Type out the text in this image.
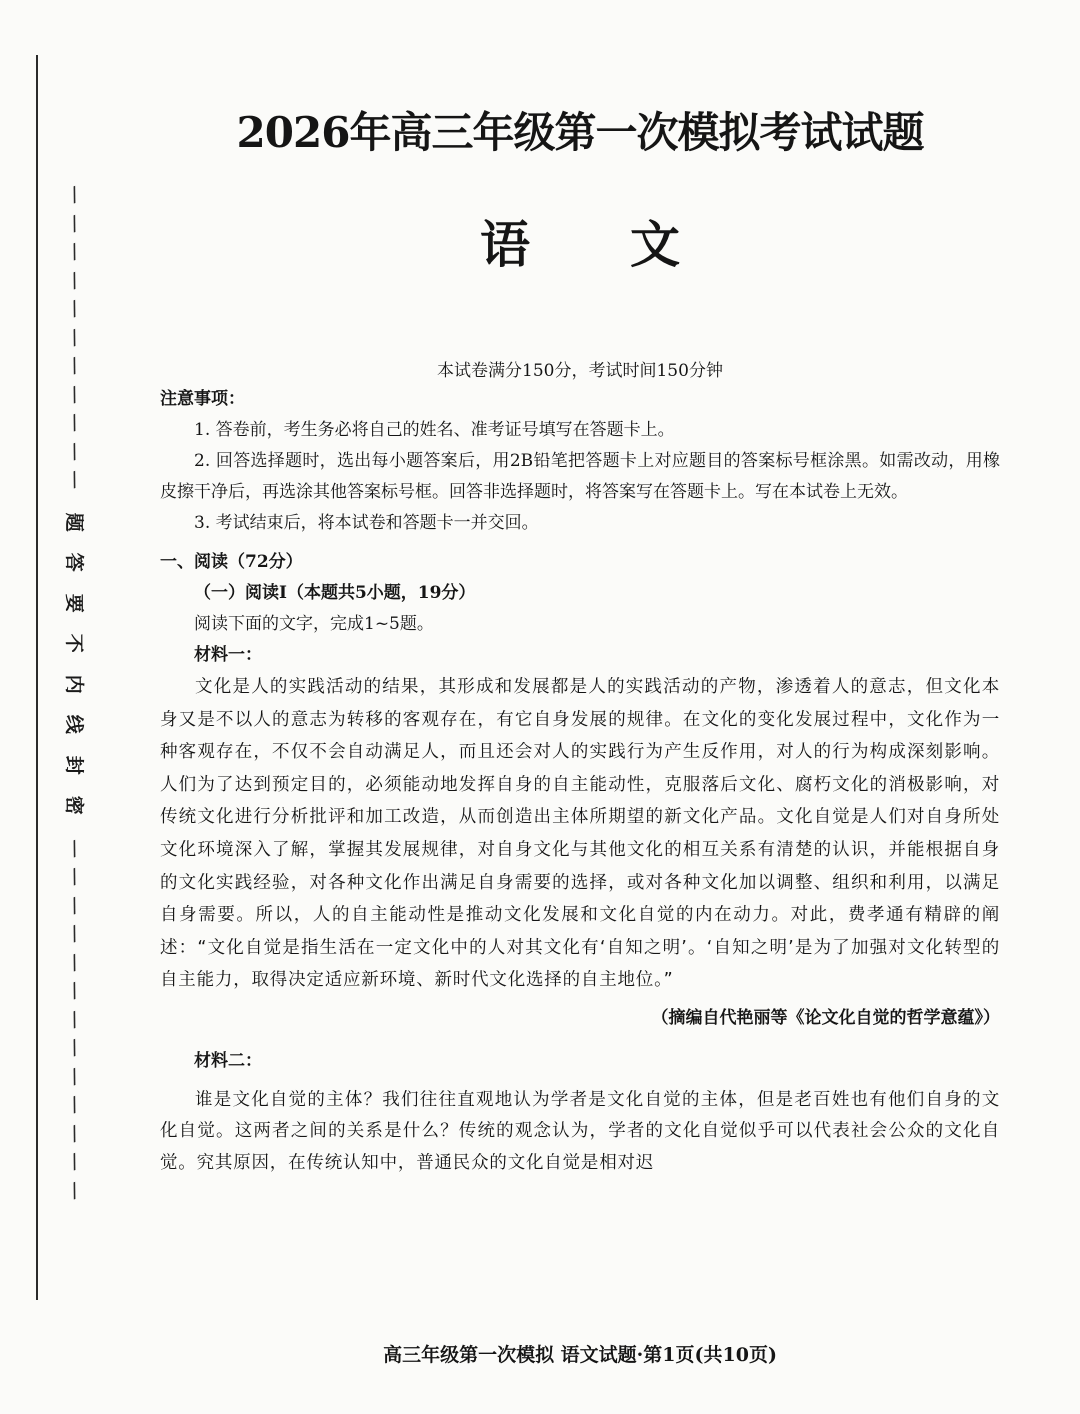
/
/
/
/
/
/
/
/
/
/
/
题
答
要
不
内
线
封
密
/
/
/
/
/
/
/
/
/
/
/
/
/
2026年高三年级第一次模拟考试试题
语 文
本试卷满分150分，考试时间150分钟
注意事项：
1. 答卷前，考生务必将自己的姓名、准考证号填写在答题卡上。
2. 回答选择题时，选出每小题答案后，用2B铅笔把答题卡上对应题目的答案标号框涂黑。如需改动，用橡皮擦干净后，再选涂其他答案标号框。回答非选择题时，将答案写在答题卡上。写在本试卷上无效。
3. 考试结束后，将本试卷和答题卡一并交回。
一、阅读（72分）
（一）阅读Ⅰ（本题共5小题，19分）
阅读下面的文字，完成1~5题。
材料一：
文化是人的实践活动的结果，其形成和发展都是人的实践活动的产物，渗透着人的意志，但文化本身又是不以人的意志为转移的客观存在，有它自身发展的规律。在文化的变化发展过程中，文化作为一种客观存在，不仅不会自动满足人，而且还会对人的实践行为产生反作用，对人的行为构成深刻影响。人们为了达到预定目的，必须能动地发挥自身的自主能动性，克服落后文化、腐朽文化的消极影响，对传统文化进行分析批评和加工改造，从而创造出主体所期望的新文化产品。文化自觉是人们对自身所处文化环境深入了解，掌握其发展规律，对自身文化与其他文化的相互关系有清楚的认识，并能根据自身的文化实践经验，对各种文化作出满足自身需要的选择，或对各种文化加以调整、组织和利用，以满足自身需要。所以，人的自主能动性是推动文化发展和文化自觉的内在动力。对此，费孝通有精辟的阐述：“文化自觉是指生活在一定文化中的人对其文化有‘自知之明’。‘自知之明’是为了加强对文化转型的自主能力，取得决定适应新环境、新时代文化选择的自主地位。”
（摘编自代艳丽等《论文化自觉的哲学意蕴》）
材料二：
谁是文化自觉的主体？我们往往直观地认为学者是文化自觉的主体，但是老百姓也有他们自身的文化自觉。这两者之间的关系是什么？传统的观念认为，学者的文化自觉似乎可以代表社会公众的文化自觉。究其原因，在传统认知中，普通民众的文化自觉是相对迟
高三年级第一次模拟 语文试题·第1页(共10页)
